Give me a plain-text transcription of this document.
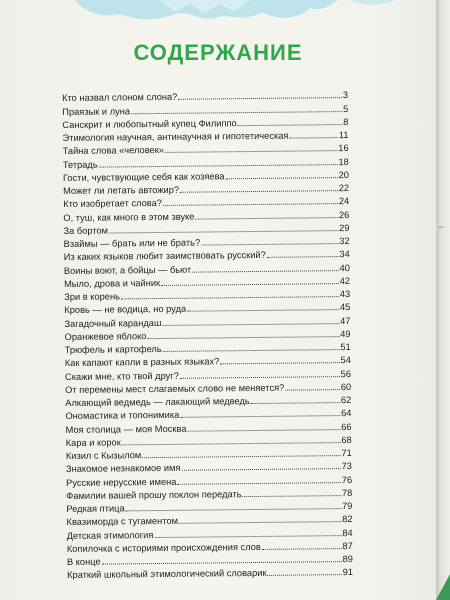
СОДЕРЖАНИЕ
Кто назвал слоном слона?	3
Праязык и луна	5
Санскрит и любопытный купец Филиппо	8
Этимология научная, антинаучная и гипотетическая	11
Тайна слова «человек»	16
Тетрадь	18
Гости, чувствующие себя как хозяева	20
Может ли летать автожир?	22
Кто изобретает слова?	24
О, туш, как много в этом звуке	26
За бортом	29
Взаймы — брать или не брать?	32
Из каких языков любит заимствовать русский?	34
Воины воют, а бойцы — бьют	40
Мыло, дрова и чайник	42
Зри в корень	43
Кровь — не водица, но руда	45
Загадочный карандаш	47
Оранжевое яблоко	49
Трюфель и картофель	51
Как капают капли в разных языках?	54
Скажи мне, кто твой друг?	56
От перемены мест слагаемых слово не меняется?	60
Алкающий ведмедь — лакающий медведь	62
Ономастика и топонимика	64
Моя столица — моя Москва	66
Кара и корок	68
Кизил с Кызылом	71
Знакомое незнакомое имя	73
Русские нерусские имена	76
Фамилии вашей прошу поклон передать	78
Редкая птица	79
Квазиморда с тугаментом	82
Детская этимология	84
Копилочка с историями происхождения слов	87
В конце	89
Краткий школьный этимологический словарик	91
∽
